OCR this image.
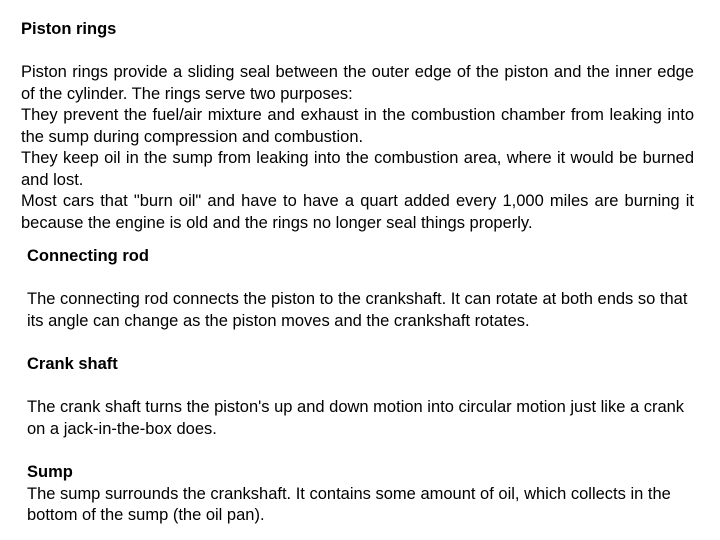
Piston rings

Piston rings provide a sliding seal between the outer edge of the piston and the inner edge of the cylinder. The rings serve two purposes:

They prevent the fuel/air mixture and exhaust in the combustion chamber from leaking into the sump during compression and combustion.

They keep oil in the sump from leaking into the combustion area, where it would be burned and lost.

Most cars that "burn oil" and have to have a quart added every 1,000 miles are burning it because the engine is old and the rings no longer seal things properly.

Connecting rod

The connecting rod connects the piston to the crankshaft. It can rotate at both ends so that its angle can change as the piston moves and the crankshaft rotates.

Crank shaft

The crank shaft turns the piston's up and down motion into circular motion just like a crank on a jack-in-the-box does.

Sump

The sump surrounds the crankshaft. It contains some amount of oil, which collects in the bottom of the sump (the oil pan).
